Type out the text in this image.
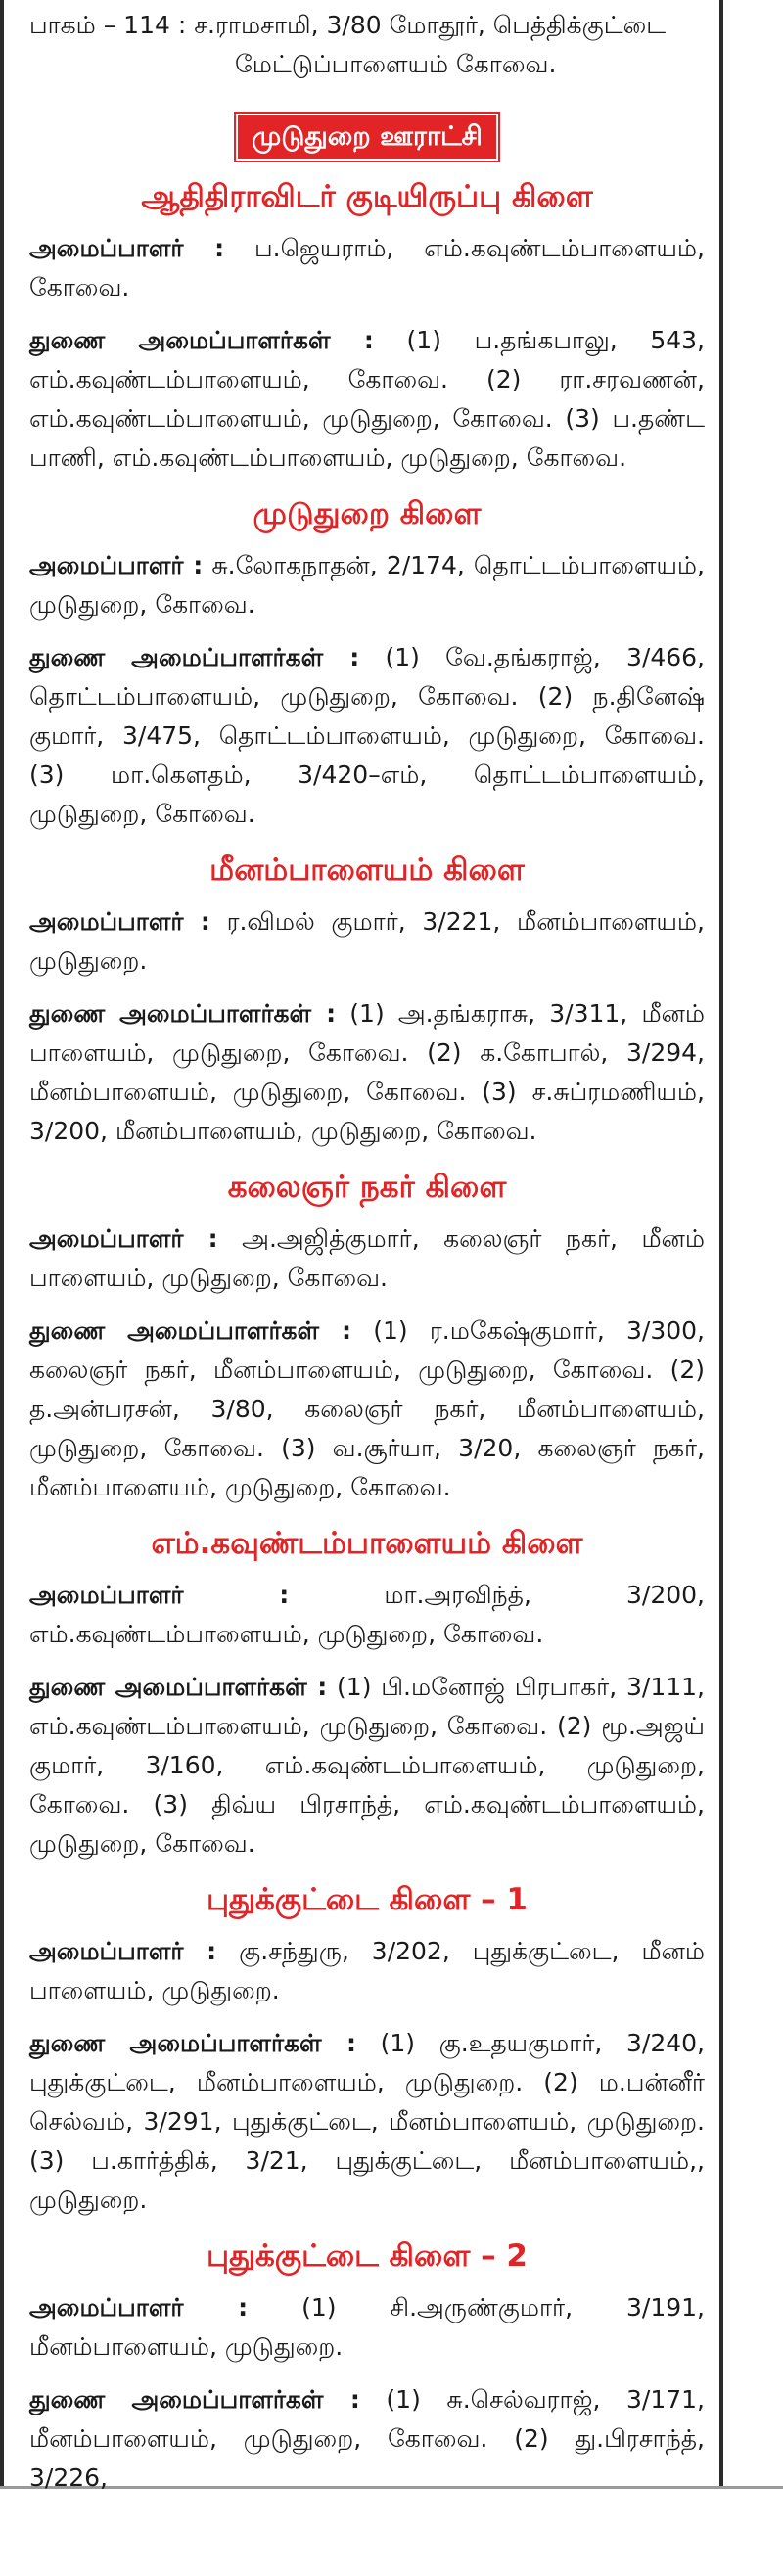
பாகம் – 114 : ச.ராமசாமி, 3/80 மோதூர், பெத்திக்குட்டை

மேட்டுப்பாளையம் கோவை.

முடுதுறை ஊராட்சி
ஆதிதிராவிடர் குடியிருப்பு கிளை

அமைப்பாளர் : ப.ஜெயராம், எம்.கவுண்டம்பாளையம், கோவை.

துணை அமைப்பாளர்கள் : (1) ப.தங்கபாலு, 543, எம்.கவுண்டம்பாளையம், கோவை. (2) ரா.சரவணன், எம்.கவுண்டம்பாளையம், முடுதுறை, கோவை. (3) ப.தண்ட பாணி, எம்.கவுண்டம்பாளையம், முடுதுறை, கோவை.

முடுதுறை கிளை

அமைப்பாளர் : சு.லோகநாதன், 2/174, தொட்டம்பாளையம், முடுதுறை, கோவை.

துணை அமைப்பாளர்கள் : (1) வே.தங்கராஜ், 3/466, தொட்டம்பாளையம், முடுதுறை, கோவை. (2) ந.தினேஷ் குமார், 3/475, தொட்டம்பாளையம், முடுதுறை, கோவை. (3) மா.கௌதம், 3/420–எம், தொட்டம்பாளையம், முடுதுறை, கோவை.

மீனம்பாளையம் கிளை

அமைப்பாளர் : ர.விமல் குமார், 3/221, மீனம்பாளையம், முடுதுறை.

துணை அமைப்பாளர்கள் : (1) அ.தங்கராசு, 3/311, மீனம் பாளையம், முடுதுறை, கோவை. (2) க.கோபால், 3/294, மீனம்பாளையம், முடுதுறை, கோவை. (3) ச.சுப்ரமணியம், 3/200, மீனம்பாளையம், முடுதுறை, கோவை.

கலைஞர் நகர் கிளை

அமைப்பாளர் : அ.அஜித்குமார், கலைஞர் நகர், மீனம் பாளையம், முடுதுறை, கோவை.

துணை அமைப்பாளர்கள் : (1) ர.மகேஷ்குமார், 3/300, கலைஞர் நகர், மீனம்பாளையம், முடுதுறை, கோவை. (2) த.அன்பரசன், 3/80, கலைஞர் நகர், மீனம்பாளையம், முடுதுறை, கோவை. (3) வ.சூர்யா, 3/20, கலைஞர் நகர், மீனம்பாளையம், முடுதுறை, கோவை.

எம்.கவுண்டம்பாளையம் கிளை

அமைப்பாளர் : மா.அரவிந்த், 3/200, எம்.கவுண்டம்பாளையம், முடுதுறை, கோவை.

துணை அமைப்பாளர்கள் : (1) பி.மனோஜ் பிரபாகர், 3/111, எம்.கவுண்டம்பாளையம், முடுதுறை, கோவை. (2) மூ.அஜய் குமார், 3/160, எம்.கவுண்டம்பாளையம், முடுதுறை, கோவை. (3) திவ்ய பிரசாந்த், எம்.கவுண்டம்பாளையம், முடுதுறை, கோவை.

புதுக்குட்டை கிளை – 1

அமைப்பாளர் : கு.சந்துரு, 3/202, புதுக்குட்டை, மீனம் பாளையம், முடுதுறை.

துணை அமைப்பாளர்கள் : (1) கு.உதயகுமார், 3/240, புதுக்குட்டை, மீனம்பாளையம், முடுதுறை. (2) ம.பன்னீர் செல்வம், 3/291, புதுக்குட்டை, மீனம்பாளையம், முடுதுறை. (3) ப.கார்த்திக், 3/21, புதுக்குட்டை, மீனம்பாளையம்,, முடுதுறை.

புதுக்குட்டை கிளை – 2

அமைப்பாளர் : (1) சி.அருண்குமார், 3/191, மீனம்பாளையம், முடுதுறை.

துணை அமைப்பாளர்கள் : (1) சு.செல்வராஜ், 3/171, மீனம்பாளையம், முடுதுறை, கோவை. (2) து.பிரசாந்த், 3/226,
